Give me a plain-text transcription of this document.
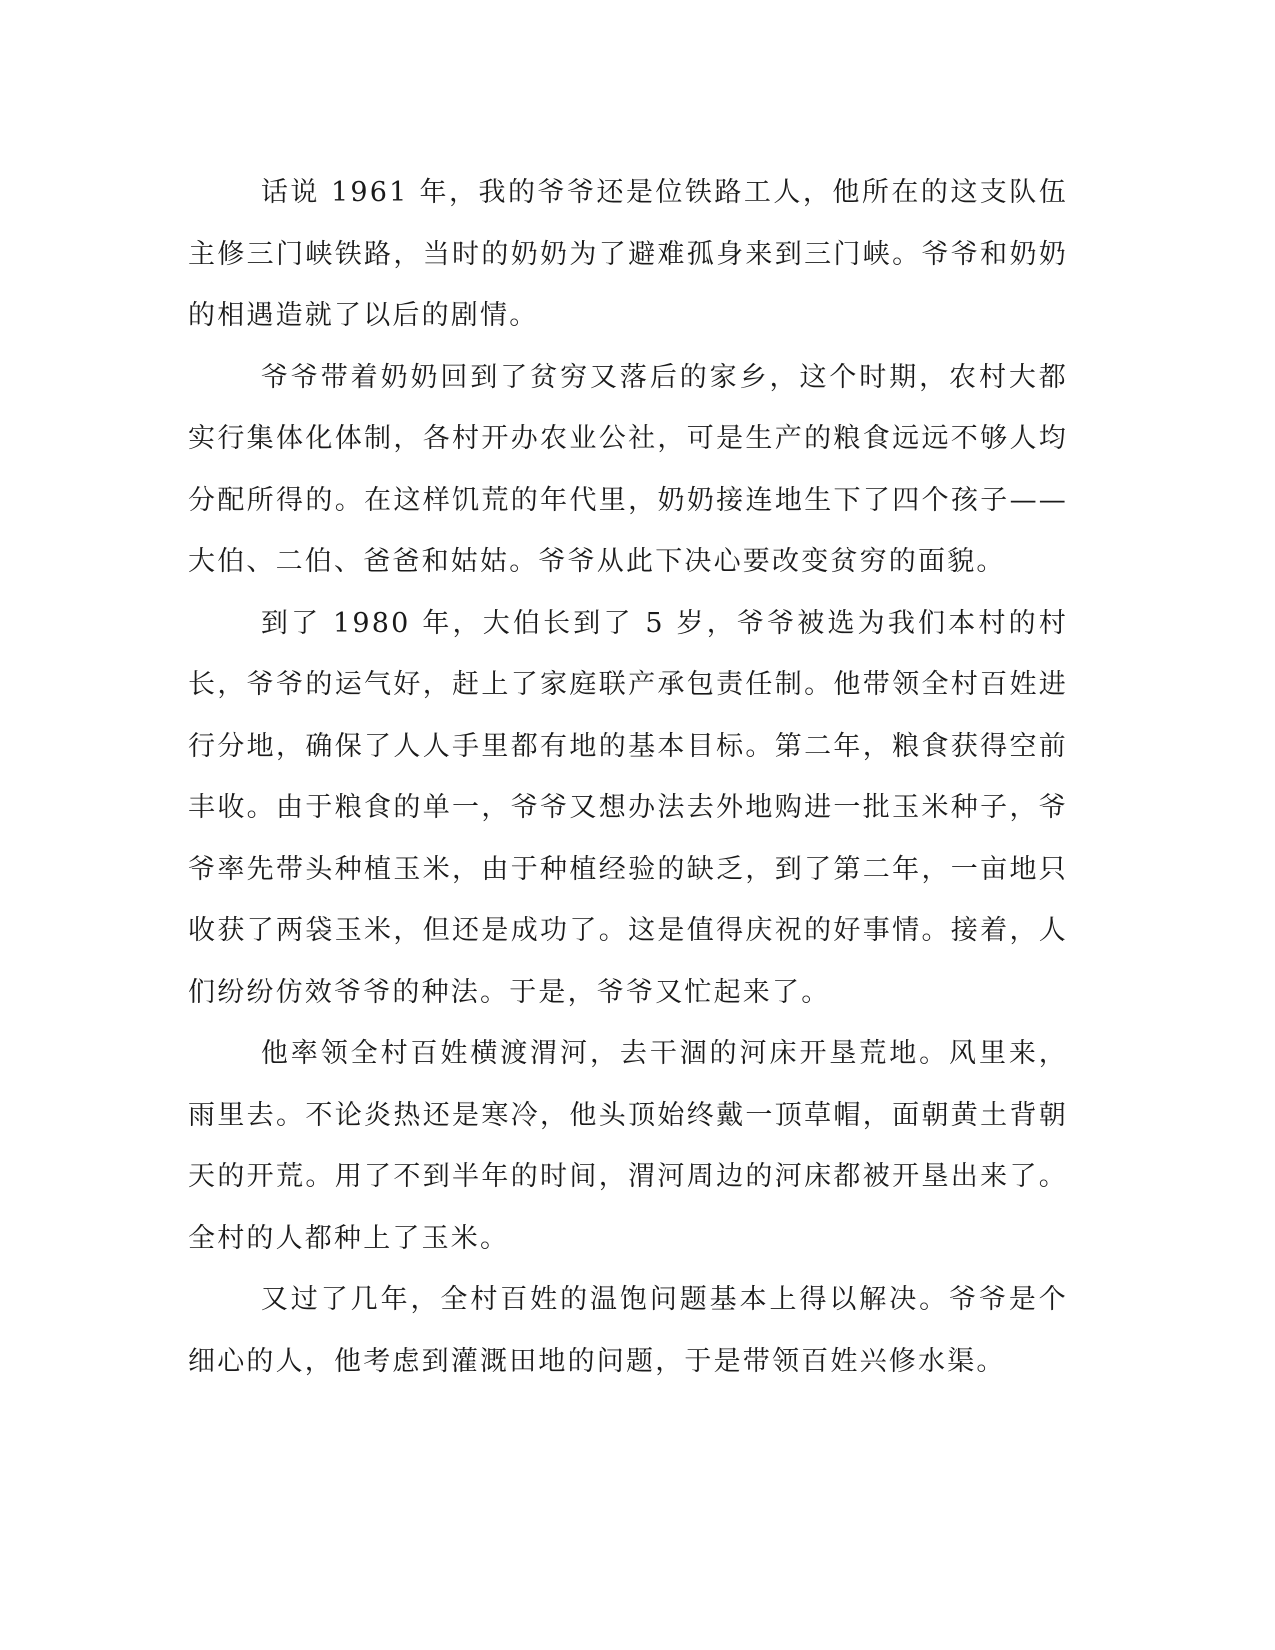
话说 1961 年，我的爷爷还是位铁路工人，他所在的这支队伍主修三门峡铁路，当时的奶奶为了避难孤身来到三门峡。爷爷和奶奶的相遇造就了以后的剧情。

爷爷带着奶奶回到了贫穷又落后的家乡，这个时期，农村大都实行集体化体制，各村开办农业公社，可是生产的粮食远远不够人均分配所得的。在这样饥荒的年代里，奶奶接连地生下了四个孩子——大伯、二伯、爸爸和姑姑。爷爷从此下决心要改变贫穷的面貌。

到了 1980 年，大伯长到了 5 岁，爷爷被选为我们本村的村长，爷爷的运气好，赶上了家庭联产承包责任制。他带领全村百姓进行分地，确保了人人手里都有地的基本目标。第二年，粮食获得空前丰收。由于粮食的单一，爷爷又想办法去外地购进一批玉米种子，爷爷率先带头种植玉米，由于种植经验的缺乏，到了第二年，一亩地只收获了两袋玉米，但还是成功了。这是值得庆祝的好事情。接着，人们纷纷仿效爷爷的种法。于是，爷爷又忙起来了。

他率领全村百姓横渡渭河，去干涸的河床开垦荒地。风里来，雨里去。不论炎热还是寒冷，他头顶始终戴一顶草帽，面朝黄土背朝天的开荒。用了不到半年的时间，渭河周边的河床都被开垦出来了。全村的人都种上了玉米。

又过了几年，全村百姓的温饱问题基本上得以解决。爷爷是个细心的人，他考虑到灌溉田地的问题，于是带领百姓兴修水渠。
